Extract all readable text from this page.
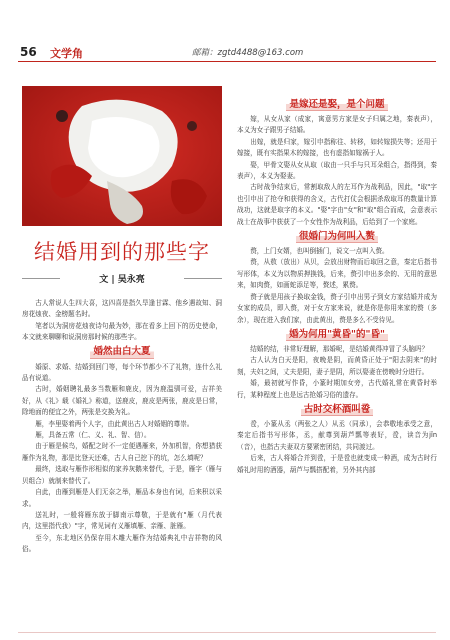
56 文学角	邮箱：zgtd4488@163.com
结婚用到的那些字
文 | 吴永亮

古人常说人生四大喜，这四喜是指久旱逢甘霖、他乡遇故知、洞房花烛夜、金榜题名时。

笔者以为洞房花烛夜诗句最为妙，那在看多上回下的历史使命，本文就来聊聊和说洞房那时候的那些字。

婚然由白大夏

婚原、求婚、结婚到回门等，每个环节都少不了礼物，连什么礼品有说道。

古时，婚姻聘礼最多当数雁和鹿皮，因为鹿温驯可爱，吉祥美好，从《礼》载《婚礼》称道，送鹿皮，鹿皮是两张，鹿皮是日常，除地面的便宜之外，两张是交换为礼。

雁，李里娶着两个人字，由此黄出古人对婚姻的尊崇。

雁，具备五常（仁、义、礼、智、信）。

由于雁是候鸟，婚配之时不一定便遇雁来，外加机智，你想猎获雁作为礼物，那是比登天还难，古人自己挖下的坑，怎么填呢？

最终，选取与雁作形相似的家养灰鹅来替代，于是，雁字（雁与贝组合）就制来替代了。

自此，由雁到雁是人们无奈之举，雁品本身也有词，后来积以采求。

送礼时，一般将雁东放于脚南示尊敬，于是就有"雁（月代表内，这里指代我）"字，常见词有义雁填雁、亲雁、脏雁。

至今，东北地区仍保存用木雕大雁作为结婚典礼中吉祥物的风俗。

是嫁还是娶，是个问题

嫁，从女从家（成家，寓意男方家是女子归属之地，秦表声），本义为女子跟男子结婚。

出嫁，就是归家，嫁引申指称往、转移，如转嫁损失等；还用于嫁接，既有实指果木的嫁接，也有虚指如嫁祸于人。

娶，甲骨文娶从女从取（取由一只手与只耳朵组合，指得到，秦表声），本义为娶妻。

古时战争结束后，常割取敌人的左耳作为战利品，因此，"取"字也引申出了抢夺和获得的含义，古代打仗会根据杀敌取耳的数量计算战功，这就是取字的本义。"娶"字由"女"和"取"组合而成，会意表示战士在战事中获获了一个女性作为战利品，后给到了一个家庭。

很婚门为何叫入赘

赘，上门女婿，也叫倒插门，说文一点叫入赘。

赘，从敖（放出）从贝，会放出财物而后取回之意，秦定后指书写形体，本义为以物质押换钱，后来，赘引申出多余的、无用的意思来，如肉赘，如画蛇添足等，赘述，累赘。

赘子就是用孩子换取金钱，赘子引申出男子到女方家结婚并成为女家的成员，即入赘，对于女方家来说，就是你是你用来家的赘（多余），现在进入我们家，由此黄出，赘是多么不受待见。

婚为何用"黄昏"的"昏"

结婚的结，非常好理解，那婚呢，是结婚黄得冲冒了头脑吗？

古人认为白天是阳，夜晚是阴，而黄昏正处于"阳去阴来"的时刻，夫妇之间，丈夫是阳，妻子是阴，所以娶妻在傍晚时分进行。

婚，最初就写作昏，小篆时期加女旁，古代婚礼常在黄昏时举行，某种程度上也是远古抢婚习俗的遗存。

古时交杯酒叫卺

卺，小篆从丞（两张之人）从丞（同承），会恭敬地承受之意，秦定后指书写形体，丞，献尊到葫芦瓢等表好，卺，读音为jǐn（音），也指古夫妻双方要紧密团结，共同渡过。

后来，古人将婚合并到卺，于是卺也就变成一种酒，成为古时行婚礼时用的酒器，葫芦与瓢搭配着，另外其内部
